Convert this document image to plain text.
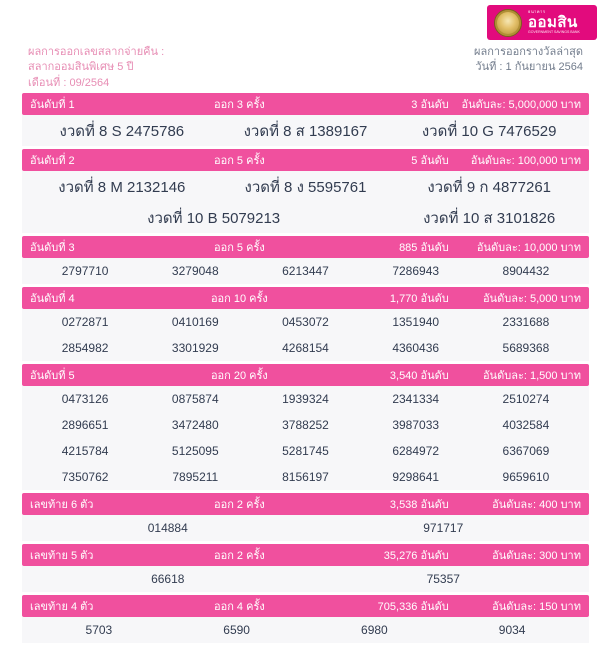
ธนาคาร
ออมสิน
GOVERNMENT SAVINGS BANK
ผลการออกเลขสลากจ่ายคืน :
สลากออมสินพิเศษ 5 ปี
เดือนที่ : 09/2564
ผลการออกรางวัลล่าสุด
วันที่ : 1 กันยายน 2564
อันดับที่ 1	ออก 3 ครั้ง	3 อันดับ	อันดับละ: 5,000,000 บาท
งวดที่ 8 S 2475786	งวดที่ 8 ส 1389167	งวดที่ 10 G 7476529
อันดับที่ 2	ออก 5 ครั้ง	5 อันดับ	อันดับละ: 100,000 บาท
งวดที่ 8 M 2132146	งวดที่ 8 ง 5595761	งวดที่ 9 ก 4877261
งวดที่ 10 B 5079213	งวดที่ 10 ส 3101826
อันดับที่ 3	ออก 5 ครั้ง	885 อันดับ	อันดับละ: 10,000 บาท
2797710	3279048	6213447	7286943	8904432
อันดับที่ 4	ออก 10 ครั้ง	1,770 อันดับ	อันดับละ: 5,000 บาท
0272871	0410169	0453072	1351940	2331688
2854982	3301929	4268154	4360436	5689368
อันดับที่ 5	ออก 20 ครั้ง	3,540 อันดับ	อันดับละ: 1,500 บาท
0473126	0875874	1939324	2341334	2510274
2896651	3472480	3788252	3987033	4032584
4215784	5125095	5281745	6284972	6367069
7350762	7895211	8156197	9298641	9659610
เลขท้าย 6 ตัว	ออก 2 ครั้ง	3,538 อันดับ	อันดับละ: 400 บาท
014884	971717
เลขท้าย 5 ตัว	ออก 2 ครั้ง	35,276 อันดับ	อันดับละ: 300 บาท
66618	75357
เลขท้าย 4 ตัว	ออก 4 ครั้ง	705,336 อันดับ	อันดับละ: 150 บาท
5703	6590	6980	9034
